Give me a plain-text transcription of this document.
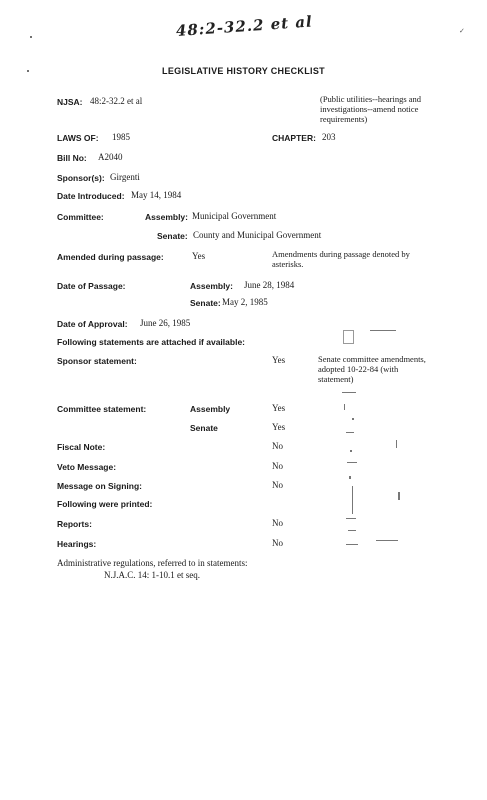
48:2-32.2 et al	✓
LEGISLATIVE HISTORY CHECKLIST
NJSA: 48:2-32.2 et al	(Public utilities--hearings and investigations--amend notice requirements)
LAWS OF: 1985	CHAPTER: 203
Bill No: A2040
Sponsor(s): Girgenti
Date Introduced: May 14, 1984
Committee:	Assembly: Municipal Government
Senate: County and Municipal Government
Amended during passage:	Yes	Amendments during passage denoted by asterisks.
Date of Passage:	Assembly: June 28, 1984
Senate: May 2, 1985
Date of Approval: June 26, 1985
Following statements are attached if available:
Sponsor statement:	Yes	Senate committee amendments, adopted 10-22-84 (with statement)
Committee statement:	Assembly	Yes
Senate	Yes
Fiscal Note:	No
Veto Message:	No
Message on Signing:	No
Following were printed:
Reports:	No
Hearings:	No
Administrative regulations, referred to in statements:
N.J.A.C. 14: 1-10.1 et seq.
